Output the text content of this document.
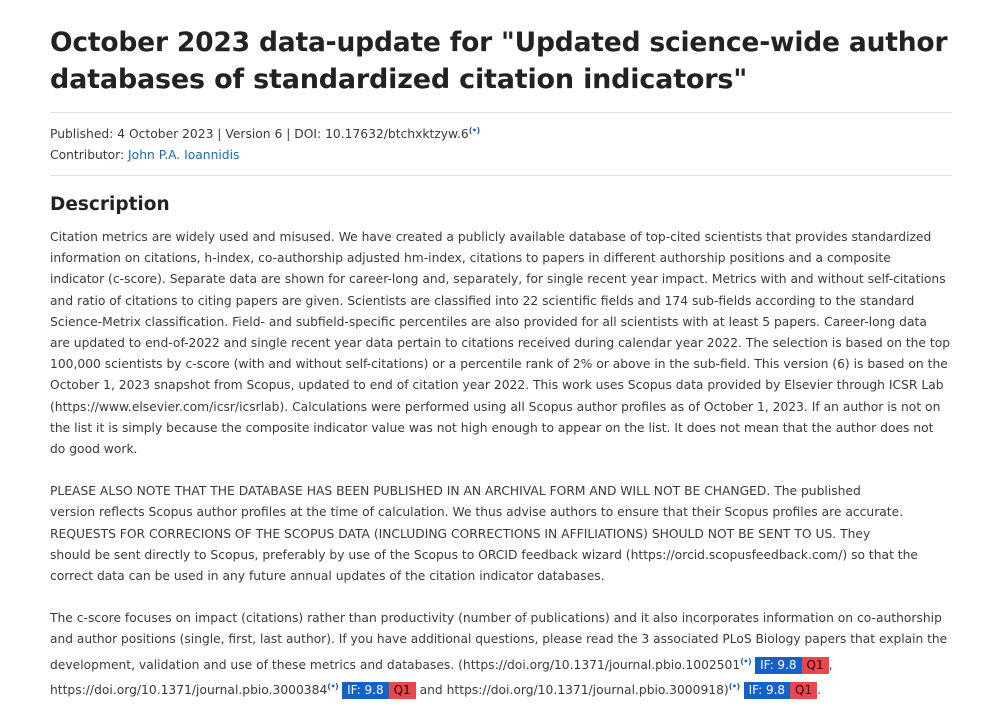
October 2023 data-update for "Updated science-wide author
databases of standardized citation indicators"
Published: 4 October 2023 | Version 6 | DOI: 10.17632/btchxktzyw.6(•)
Contributor: John P.A. Ioannidis
Description
Citation metrics are widely used and misused. We have created a publicly available database of top-cited scientists that provides standardized
information on citations, h-index, co-authorship adjusted hm-index, citations to papers in different authorship positions and a composite
indicator (c-score). Separate data are shown for career-long and, separately, for single recent year impact. Metrics with and without self-citations
and ratio of citations to citing papers are given. Scientists are classified into 22 scientific fields and 174 sub-fields according to the standard
Science-Metrix classification. Field- and subfield-specific percentiles are also provided for all scientists with at least 5 papers. Career-long data
are updated to end-of-2022 and single recent year data pertain to citations received during calendar year 2022. The selection is based on the top
100,000 scientists by c-score (with and without self-citations) or a percentile rank of 2% or above in the sub-field. This version (6) is based on the
October 1, 2023 snapshot from Scopus, updated to end of citation year 2022. This work uses Scopus data provided by Elsevier through ICSR Lab
(https://www.elsevier.com/icsr/icsrlab). Calculations were performed using all Scopus author profiles as of October 1, 2023. If an author is not on
the list it is simply because the composite indicator value was not high enough to appear on the list. It does not mean that the author does not
do good work.
PLEASE ALSO NOTE THAT THE DATABASE HAS BEEN PUBLISHED IN AN ARCHIVAL FORM AND WILL NOT BE CHANGED. The published
version reflects Scopus author profiles at the time of calculation. We thus advise authors to ensure that their Scopus profiles are accurate.
REQUESTS FOR CORRECIONS OF THE SCOPUS DATA (INCLUDING CORRECTIONS IN AFFILIATIONS) SHOULD NOT BE SENT TO US. They
should be sent directly to Scopus, preferably by use of the Scopus to ORCID feedback wizard (https://orcid.scopusfeedback.com/) so that the
correct data can be used in any future annual updates of the citation indicator databases.
The c-score focuses on impact (citations) rather than productivity (number of publications) and it also incorporates information on co-authorship
and author positions (single, first, last author). If you have additional questions, please read the 3 associated PLoS Biology papers that explain the
development, validation and use of these metrics and databases. (https://doi.org/10.1371/journal.pbio.1002501(•) IF: 9.8 Q1 ,
https://doi.org/10.1371/journal.pbio.3000384(•) IF: 9.8 Q1 and https://doi.org/10.1371/journal.pbio.3000918)(•) IF: 9.8 Q1 .
